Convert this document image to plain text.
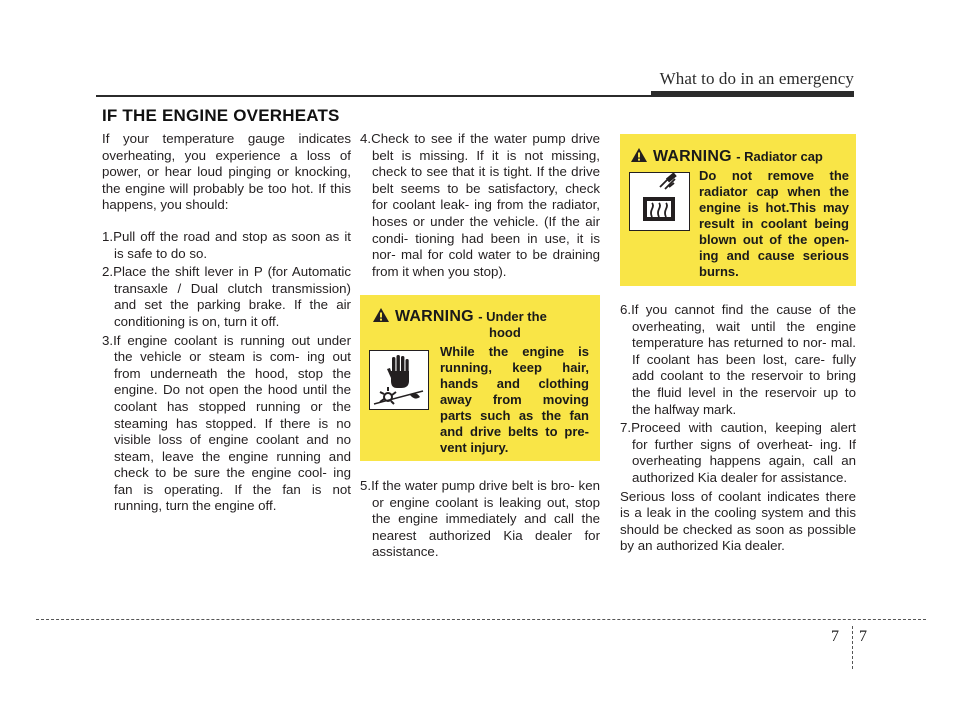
What to do in an emergency
IF THE ENGINE OVERHEATS

If your temperature gauge indicates overheating, you experience a loss of power, or hear loud pinging or knocking, the engine will probably be too hot. If this happens, you should:

1.Pull off the road and stop as soon as it is safe to do so.

2.Place the shift lever in P (for Automatic transaxle / Dual clutch transmission) and set the parking brake. If the air conditioning is on, turn it off.

3.If engine coolant is running out under the vehicle or steam is com- ing out from underneath the hood, stop the engine. Do not open the hood until the coolant has stopped running or the steaming has stopped. If there is no visible loss of engine coolant and no steam, leave the engine running and check to be sure the engine cool- ing fan is operating. If the fan is not running, turn the engine off.

4.Check to see if the water pump drive belt is missing. If it is not missing, check to see that it is tight. If the drive belt seems to be satisfactory, check for coolant leak- ing from the radiator, hoses or under the vehicle. (If the air condi- tioning had been in use, it is nor- mal for cold water to be draining from it when you stop).

5.If the water pump drive belt is bro- ken or engine coolant is leaking out, stop the engine immediately and call the nearest authorized Kia dealer for assistance.

WARNING - Under the
hood
While the engine is running, keep hair, hands and clothing away from moving parts such as the fan and drive belts to pre- vent injury.
WARNING - Radiator cap
Do not remove the radiator cap when the engine is hot.This may result in coolant being blown out of the open- ing and cause serious burns.

6.If you cannot find the cause of the overheating, wait until the engine temperature has returned to nor- mal. If coolant has been lost, care- fully add coolant to the reservoir to bring the fluid level in the reservoir up to the halfway mark.

7.Proceed with caution, keeping alert for further signs of overheat- ing. If overheating happens again, call an authorized Kia dealer for assistance.

Serious loss of coolant indicates there is a leak in the cooling system and this should be checked as soon as possible by an authorized Kia dealer.

7 7
